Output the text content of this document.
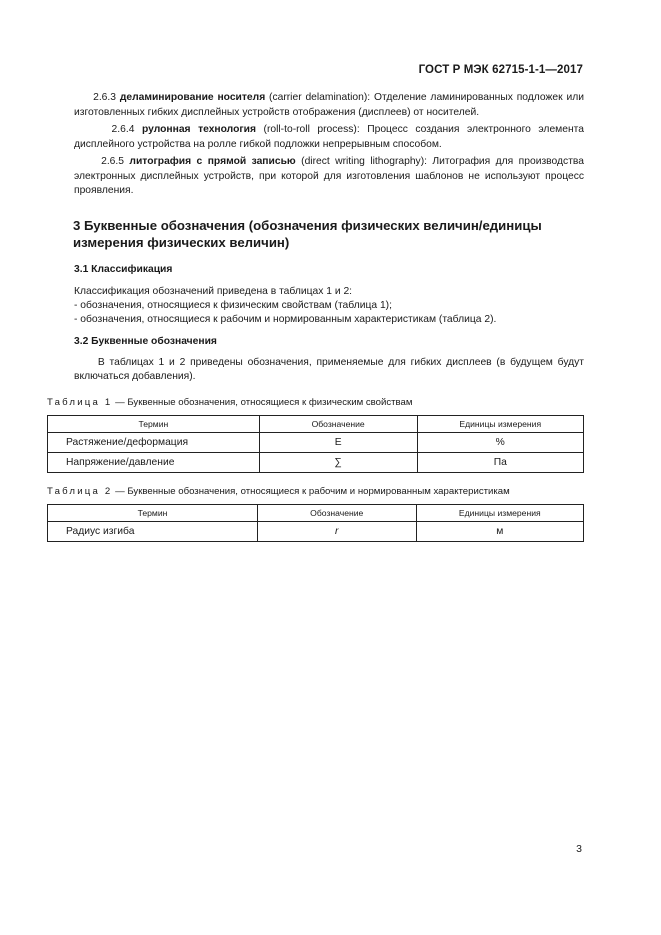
ГОСТ Р МЭК 62715-1-1—2017

2.6.3 деламинирование носителя (carrier delamination): Отделение ламинированных подложек или изготовленных гибких дисплейных устройств отображения (дисплеев) от носителей.

2.6.4 рулонная технология (roll-to-roll process): Процесс создания электронного элемента дисплейного устройства на ролле гибкой подложки непрерывным способом.

2.6.5 литография с прямой записью (direct writing lithography): Литография для производства электронных дисплейных устройств, при которой для изготовления шаблонов не используют процесс проявления.

3 Буквенные обозначения (обозначения физических величин/единицы
измерения физических величин)
3.1 Классификация

Классификация обозначений приведена в таблицах 1 и 2:

- обозначения, относящиеся к физическим свойствам (таблица 1);

- обозначения, относящиеся к рабочим и нормированным характеристикам (таблица 2).

3.2 Буквенные обозначения

В таблицах 1 и 2 приведены обозначения, применяемые для гибких дисплеев (в будущем будут включаться добавления).

Таблица 1 — Буквенные обозначения, относящиеся к физическим свойствам
Термин	Обозначение	Единицы измерения
Растяжение/деформация	E	%
Напряжение/давление	∑	Па
Таблица 2 — Буквенные обозначения, относящиеся к рабочим и нормированным характеристикам
Термин	Обозначение	Единицы измерения
Радиус изгиба	r	м
3
